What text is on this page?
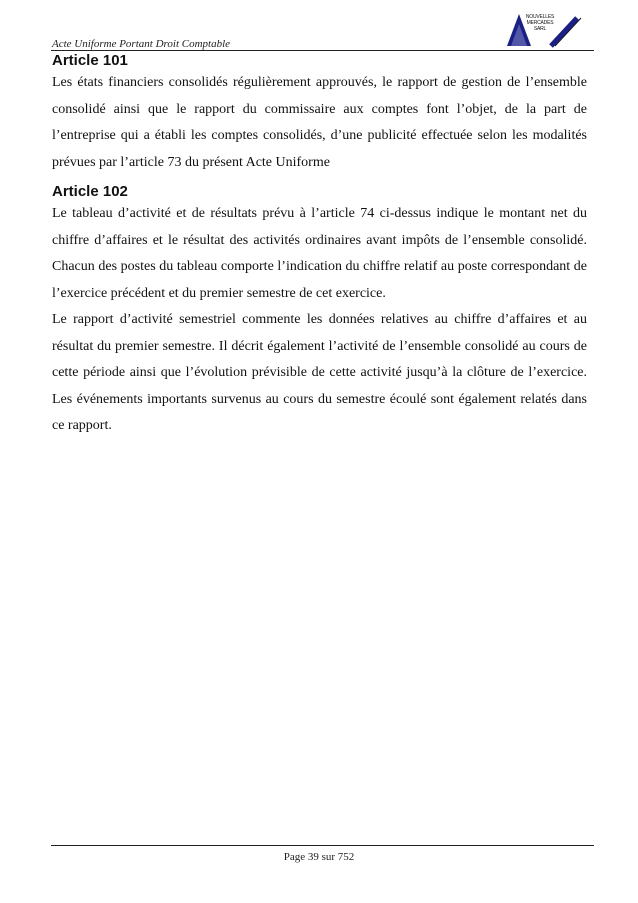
Acte Uniforme Portant Droit Comptable
NOUVELLES
MERCADES
SARL
Article 101

Les états financiers consolidés régulièrement approuvés, le rapport de gestion de l’ensemble consolidé ainsi que le rapport du commissaire aux comptes font l’objet, de la part de l’entreprise qui a établi les comptes consolidés, d’une publicité effectuée selon les modalités prévues par l’article 73 du présent Acte Uniforme

Article 102

Le tableau d’activité et de résultats prévu à l’article 74 ci-dessus indique le montant net du chiffre d’affaires et le résultat des activités ordinaires avant impôts de l’ensemble consolidé. Chacun des postes du tableau comporte l’indication du chiffre relatif au poste correspondant de l’exercice précédent et du premier semestre de cet exercice.

Le rapport d’activité semestriel commente les données relatives au chiffre d’affaires et au résultat du premier semestre. Il décrit également l’activité de l’ensemble consolidé au cours de cette période ainsi que l’évolution prévisible de cette activité jusqu’à la clôture de l’exercice. Les événements importants survenus au cours du semestre écoulé sont également relatés dans ce rapport.

Page 39 sur 752
